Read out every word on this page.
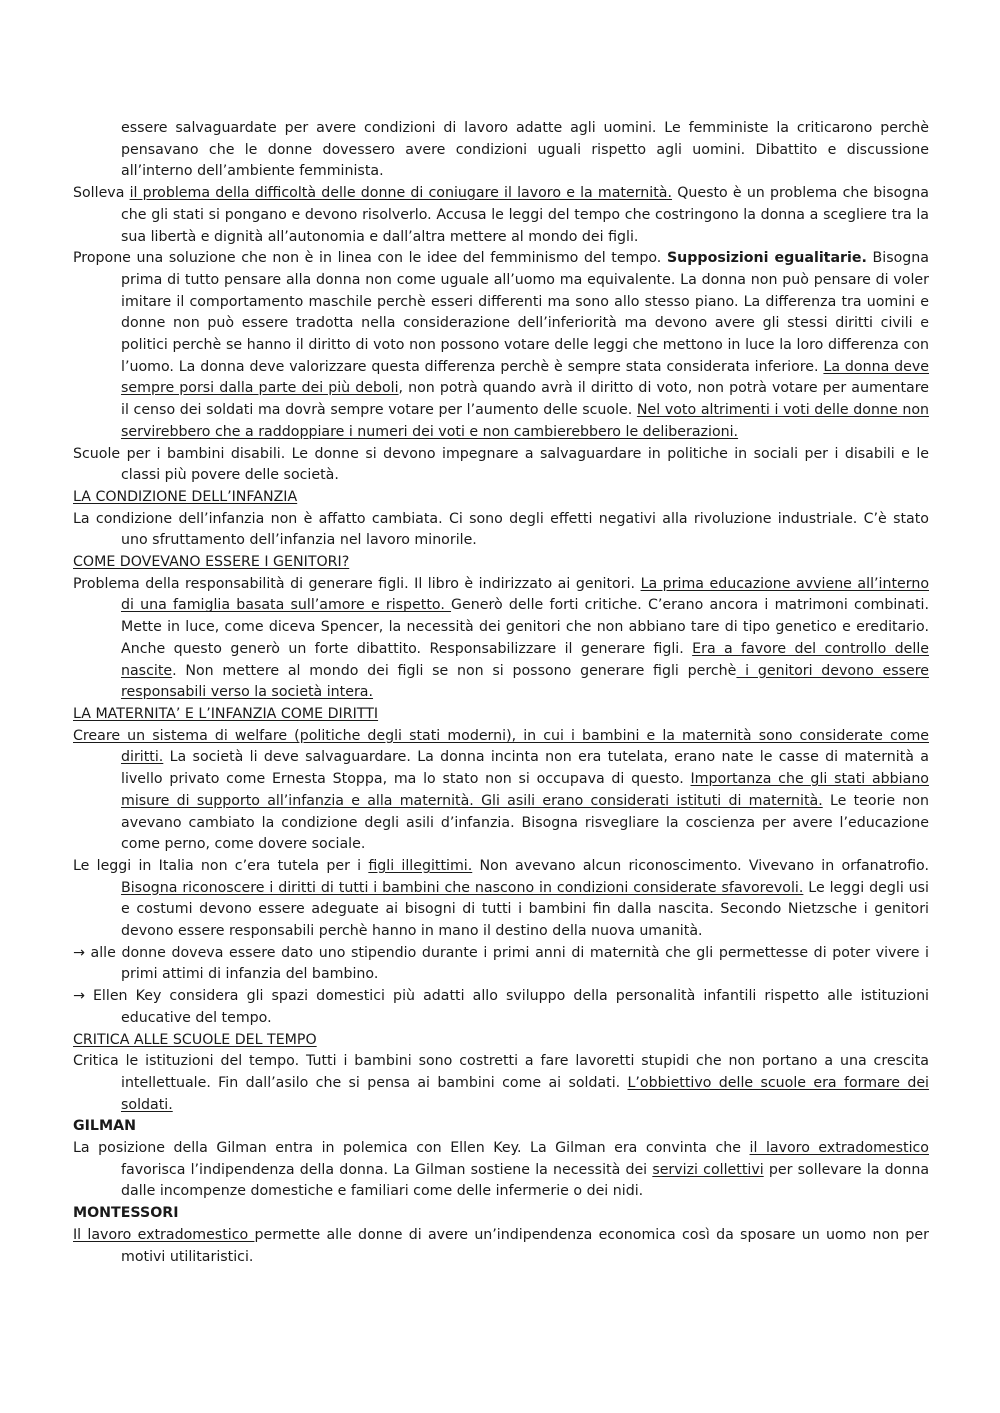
essere salvaguardate per avere condizioni di lavoro adatte agli uomini. Le femministe la criticarono perchè pensavano che le donne dovessero avere condizioni uguali rispetto agli uomini. Dibattito e discussione all’interno dell’ambiente femminista.

Solleva il problema della difficoltà delle donne di coniugare il lavoro e la maternità. Questo è un problema che bisogna che gli stati si pongano e devono risolverlo. Accusa le leggi del tempo che costringono la donna a scegliere tra la sua libertà e dignità all’autonomia e dall’altra mettere al mondo dei figli.

Propone una soluzione che non è in linea con le idee del femminismo del tempo. Supposizioni egualitarie. Bisogna prima di tutto pensare alla donna non come uguale all’uomo ma equivalente. La donna non può pensare di voler imitare il comportamento maschile perchè esseri differenti ma sono allo stesso piano. La differenza tra uomini e donne non può essere tradotta nella considerazione dell’inferiorità ma devono avere gli stessi diritti civili e politici perchè se hanno il diritto di voto non possono votare delle leggi che mettono in luce la loro differenza con l’uomo. La donna deve valorizzare questa differenza perchè è sempre stata considerata inferiore. La donna deve sempre porsi dalla parte dei più deboli, non potrà quando avrà il diritto di voto, non potrà votare per aumentare il censo dei soldati ma dovrà sempre votare per l’aumento delle scuole. Nel voto altrimenti i voti delle donne non servirebbero che a raddoppiare i numeri dei voti e non cambierebbero le deliberazioni.

Scuole per i bambini disabili. Le donne si devono impegnare a salvaguardare in politiche in sociali per i disabili e le classi più povere delle società.

LA CONDIZIONE DELL’INFANZIA

La condizione dell’infanzia non è affatto cambiata. Ci sono degli effetti negativi alla rivoluzione industriale. C’è stato uno sfruttamento dell’infanzia nel lavoro minorile.

COME DOVEVANO ESSERE I GENITORI?

Problema della responsabilità di generare figli. Il libro è indirizzato ai genitori. La prima educazione avviene all’interno di una famiglia basata sull’amore e rispetto. Generò delle forti critiche. C’erano ancora i matrimoni combinati. Mette in luce, come diceva Spencer, la necessità dei genitori che non abbiano tare di tipo genetico e ereditario. Anche questo generò un forte dibattito. Responsabilizzare il generare figli. Era a favore del controllo delle nascite. Non mettere al mondo dei figli se non si possono generare figli perchè i genitori devono essere responsabili verso la società intera.

LA MATERNITA’ E L’INFANZIA COME DIRITTI

Creare un sistema di welfare (politiche degli stati moderni), in cui i bambini e la maternità sono considerate come diritti. La società li deve salvaguardare. La donna incinta non era tutelata, erano nate le casse di maternità a livello privato come Ernesta Stoppa, ma lo stato non si occupava di questo. Importanza che gli stati abbiano misure di supporto all’infanzia e alla maternità. Gli asili erano considerati istituti di maternità. Le teorie non avevano cambiato la condizione degli asili d’infanzia. Bisogna risvegliare la coscienza per avere l’educazione come perno, come dovere sociale.

Le leggi in Italia non c’era tutela per i figli illegittimi. Non avevano alcun riconoscimento. Vivevano in orfanatrofio. Bisogna riconoscere i diritti di tutti i bambini che nascono in condizioni considerate sfavorevoli. Le leggi degli usi e costumi devono essere adeguate ai bisogni di tutti i bambini fin dalla nascita. Secondo Nietzsche i genitori devono essere responsabili perchè hanno in mano il destino della nuova umanità.

→ alle donne doveva essere dato uno stipendio durante i primi anni di maternità che gli permettesse di poter vivere i primi attimi di infanzia del bambino.

→ Ellen Key considera gli spazi domestici più adatti allo sviluppo della personalità infantili rispetto alle istituzioni educative del tempo.

CRITICA ALLE SCUOLE DEL TEMPO

Critica le istituzioni del tempo. Tutti i bambini sono costretti a fare lavoretti stupidi che non portano a una crescita intellettuale. Fin dall’asilo che si pensa ai bambini come ai soldati. L’obbiettivo delle scuole era formare dei soldati.

GILMAN

La posizione della Gilman entra in polemica con Ellen Key. La Gilman era convinta che il lavoro extradomestico favorisca l’indipendenza della donna. La Gilman sostiene la necessità dei servizi collettivi per sollevare la donna dalle incompenze domestiche e familiari come delle infermerie o dei nidi.

MONTESSORI

Il lavoro extradomestico permette alle donne di avere un’indipendenza economica così da sposare un uomo non per motivi utilitaristici.
